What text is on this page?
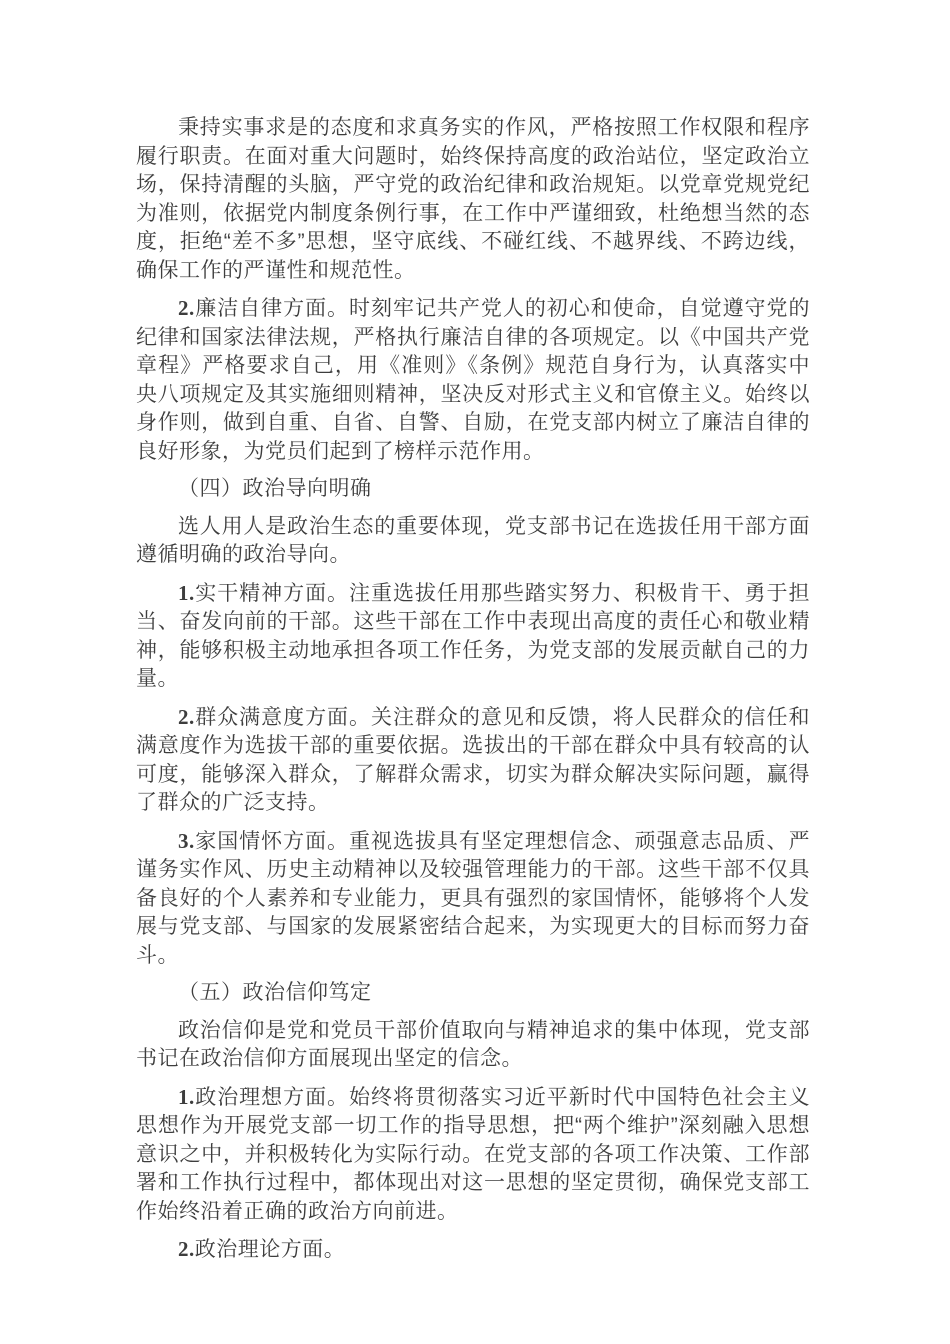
秉持实事求是的态度和求真务实的作风，严格按照工作权限和程序履行职责。在面对重大问题时，始终保持高度的政治站位，坚定政治立场，保持清醒的头脑，严守党的政治纪律和政治规矩。以党章党规党纪为准则，依据党内制度条例行事，在工作中严谨细致，杜绝想当然的态度，拒绝“差不多”思想，坚守底线、不碰红线、不越界线、不跨边线，确保工作的严谨性和规范性。

2.廉洁自律方面。时刻牢记共产党人的初心和使命，自觉遵守党的纪律和国家法律法规，严格执行廉洁自律的各项规定。以《中国共产党章程》严格要求自己，用《准则》《条例》规范自身行为，认真落实中央八项规定及其实施细则精神，坚决反对形式主义和官僚主义。始终以身作则，做到自重、自省、自警、自励，在党支部内树立了廉洁自律的良好形象，为党员们起到了榜样示范作用。

（四）政治导向明确

选人用人是政治生态的重要体现，党支部书记在选拔任用干部方面遵循明确的政治导向。

1.实干精神方面。注重选拔任用那些踏实努力、积极肯干、勇于担当、奋发向前的干部。这些干部在工作中表现出高度的责任心和敬业精神，能够积极主动地承担各项工作任务，为党支部的发展贡献自己的力量。

2.群众满意度方面。关注群众的意见和反馈，将人民群众的信任和满意度作为选拔干部的重要依据。选拔出的干部在群众中具有较高的认可度，能够深入群众，了解群众需求，切实为群众解决实际问题，赢得了群众的广泛支持。

3.家国情怀方面。重视选拔具有坚定理想信念、顽强意志品质、严谨务实作风、历史主动精神以及较强管理能力的干部。这些干部不仅具备良好的个人素养和专业能力，更具有强烈的家国情怀，能够将个人发展与党支部、与国家的发展紧密结合起来，为实现更大的目标而努力奋斗。

（五）政治信仰笃定

政治信仰是党和党员干部价值取向与精神追求的集中体现，党支部书记在政治信仰方面展现出坚定的信念。

1.政治理想方面。始终将贯彻落实习近平新时代中国特色社会主义思想作为开展党支部一切工作的指导思想，把“两个维护”深刻融入思想意识之中，并积极转化为实际行动。在党支部的各项工作决策、工作部署和工作执行过程中，都体现出对这一思想的坚定贯彻，确保党支部工作始终沿着正确的政治方向前进。

2.政治理论方面。
